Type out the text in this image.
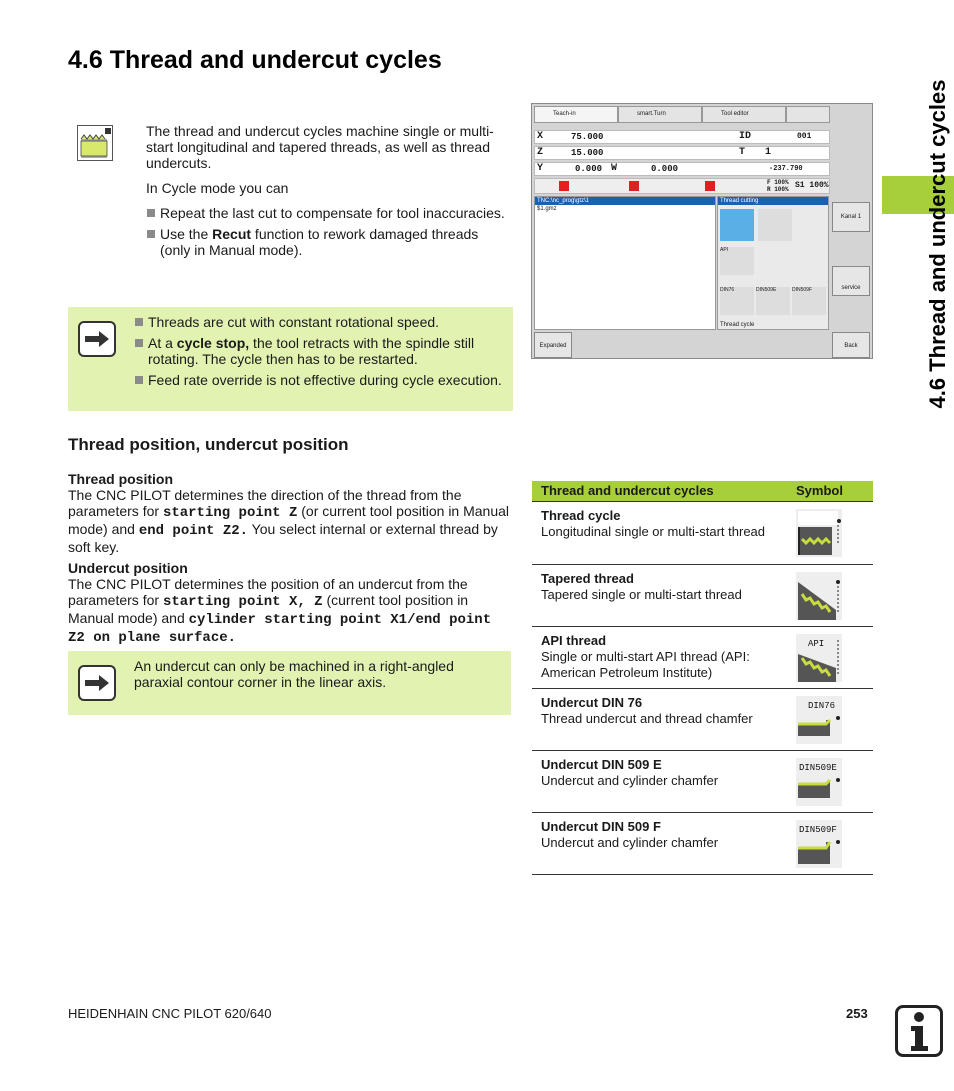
4.6 Thread and undercut cycles
4.6 Thread and undercut cycles

The thread and undercut cycles machine single or multi-start longitudinal and tapered threads, as well as thread undercuts.

In Cycle mode you can

Repeat the last cut to compensate for tool inaccuracies.
Use the Recut function to rework damaged threads (only in Manual mode).
Teach-in	smart.Turn	Tool editor
X	75.000	ID	001
Z	15.000	T 1
Y	0.000 W	0.000	-237.790
F 100%
R 100% S1 100%
TNC:\nc_prog\gtz\1
$1.gmz
Thread cutting
API
DIN76	DIN509E	DIN509F
Thread cycle
Kanal 1
service
Expanded	Back
Threads are cut with constant rotational speed.
At a cycle stop, the tool retracts with the spindle still rotating. The cycle then has to be restarted.
Feed rate override is not effective during cycle execution.
Thread position, undercut position

Thread position

The CNC PILOT determines the direction of the thread from the parameters for starting point Z (or current tool position in Manual mode) and end point Z2. You select internal or external thread by soft key.

Undercut position

The CNC PILOT determines the position of an undercut from the parameters for starting point X, Z (current tool position in Manual mode) and cylinder starting point X1/end point Z2 on plane surface.

An undercut can only be machined in a right-angled paraxial contour corner in the linear axis.

Thread and undercut cycles	Symbol
Thread cycle
Longitudinal single or multi-start thread
Tapered thread
Tapered single or multi-start thread
API thread
Single or multi-start API thread (API: American Petroleum Institute)
API
Undercut DIN 76
Thread undercut and thread chamfer
DIN76
Undercut DIN 509 E
Undercut and cylinder chamfer
DIN509E
Undercut DIN 509 F
Undercut and cylinder chamfer
DIN509F
HEIDENHAIN CNC PILOT 620/640	253
